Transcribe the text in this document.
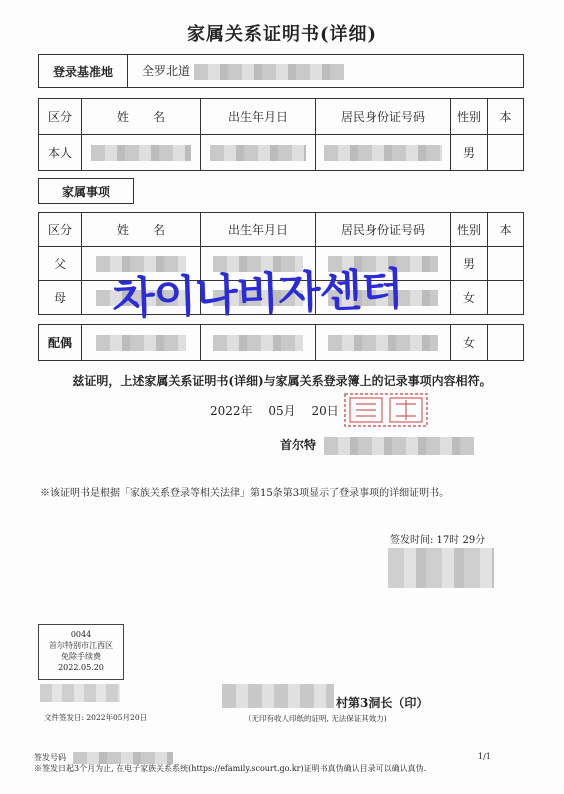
家属关系证明书(详细)
登录基准地	全罗北道
区分	姓　　名	出生年月日	居民身份证号码	性别	本
本人				男	
家属事项
区分	姓　　名	出生年月日	居民身份证号码	性别	本
父				男	
母				女	
配偶				女	
차이나비자센터
兹证明，上述家属关系证明书(详细)与家属关系登录簿上的记录事项内容相符。
2022年 05月 20日
首尔特
※该证明书是根据「家族关系登录等相关法律」第15条第3项显示了登录事项的详细证明书。
签发时间: 17时 29分
0044
首尔特别市江西区
免除手续费
2022.05.20
村第3洞长（印）
文件签发日: 2022年05月20日	（无印有收人印纸的证明, 无法保证其效力)
签发号码	1/1
※签发日起3个月为止, 在电子家族关系系统(https://efamily.scourt.go.kr)证明书真伪确认目录可以确认真伪.
